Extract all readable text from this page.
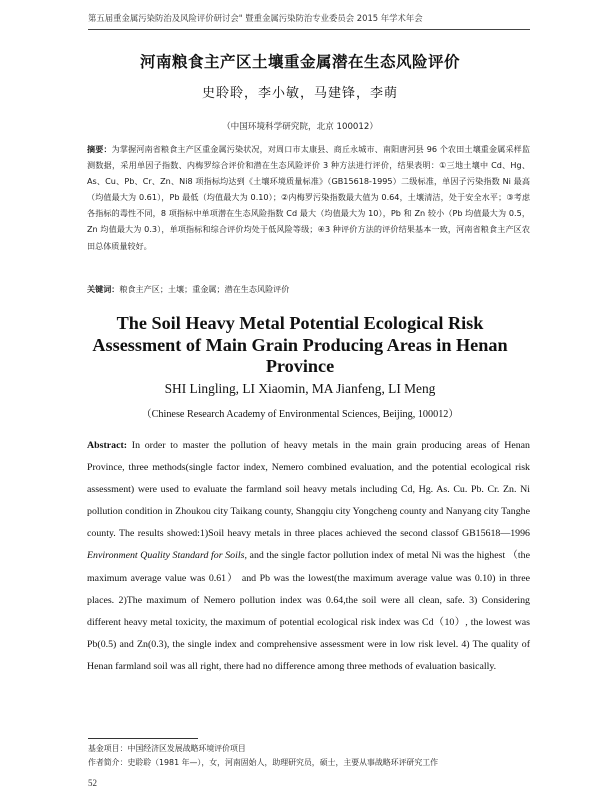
第五届重金属污染防治及风险评价研讨会" 暨重金属污染防治专业委员会 2015 年学术年会
河南粮食主产区土壤重金属潜在生态风险评价
史聆聆，李小敏，马建锋，李萌
（中国环境科学研究院，北京 100012）
摘要：为掌握河南省粮食主产区重金属污染状况，对周口市太康县、商丘永城市、南阳唐河县 96 个农田土壤重金属采样监测数据，采用单因子指数、内梅罗综合评价和潜在生态风险评价 3 种方法进行评价，结果表明：①三地土壤中 Cd、Hg、As、Cu、Pb、Cr、Zn、Ni8 项指标均达到《土壤环境质量标准》（GB15618-1995）二级标准，单因子污染指数 Ni 最高（均值最大为 0.61），Pb 最低（均值最大为 0.10）；②内梅罗污染指数最大值为 0.64，土壤清洁，处于安全水平；③考虑各指标的毒性不同，8 项指标中单项潜在生态风险指数 Cd 最大（均值最大为 10），Pb 和 Zn 较小（Pb 均值最大为 0.5，Zn 均值最大为 0.3），单项指标和综合评价均处于低风险等级；④3 种评价方法的评价结果基本一致，河南省粮食主产区农田总体质量较好。
关键词：粮食主产区；土壤；重金属；潜在生态风险评价
The Soil Heavy Metal Potential Ecological Risk Assessment of Main Grain Producing Areas in Henan Province
SHI Lingling, LI Xiaomin, MA Jianfeng, LI Meng
（Chinese Research Academy of Environmental Sciences, Beijing, 100012）
Abstract: In order to master the pollution of heavy metals in the main grain producing areas of Henan Province, three methods(single factor index, Nemero combined evaluation, and the potential ecological risk assessment) were used to evaluate the farmland soil heavy metals including Cd, Hg. As. Cu. Pb. Cr. Zn. Ni pollution condition in Zhoukou city Taikang county, Shangqiu city Yongcheng county and Nanyang city Tanghe county. The results showed:1)Soil heavy metals in three places achieved the second classof GB15618—1996 Environment Quality Standard for Soils, and the single factor pollution index of metal Ni was the highest （the maximum average value was 0.61） and Pb was the lowest(the maximum average value was 0.10) in three places. 2)The maximum of Nemero pollution index was 0.64,the soil were all clean, safe. 3) Considering different heavy metal toxicity, the maximum of potential ecological risk index was Cd（10）, the lowest was Pb(0.5) and Zn(0.3), the single index and comprehensive assessment were in low risk level. 4) The quality of Henan farmland soil was all right, there had no difference among three methods of evaluation basically.
基金项目：中国经济区发展战略环境评价项目
作者简介：史聆聆（1981 年—），女，河南固始人，助理研究员，硕士，主要从事战略环评研究工作
52
